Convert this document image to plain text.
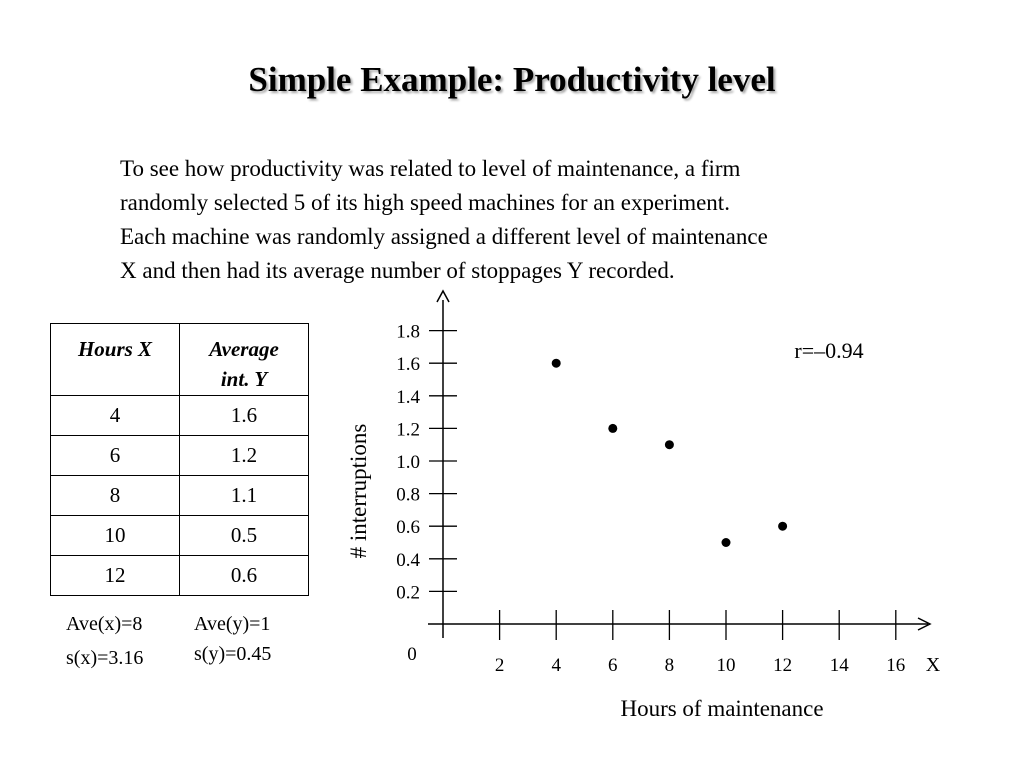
Simple Example: Productivity level
To see how productivity was related to level of maintenance, a firm
randomly selected 5 of its high speed machines for an experiment.
Each machine was randomly assigned a different level of maintenance
X and then had its average number of stoppages Y recorded.
Hours X	Average
int. Y

4	1.6
6	1.2
8	1.1
10	0.5
12	0.6
Ave(x)=8
s(x)=3.16
Ave(y)=1
s(y)=0.45
0.2
0.4
0.6
0.8
1.0
1.2
1.4
1.6
1.8
2 4 6 8 10 12 14 16
0	X
Hours of maintenance
# interruptions
r=–0.94
